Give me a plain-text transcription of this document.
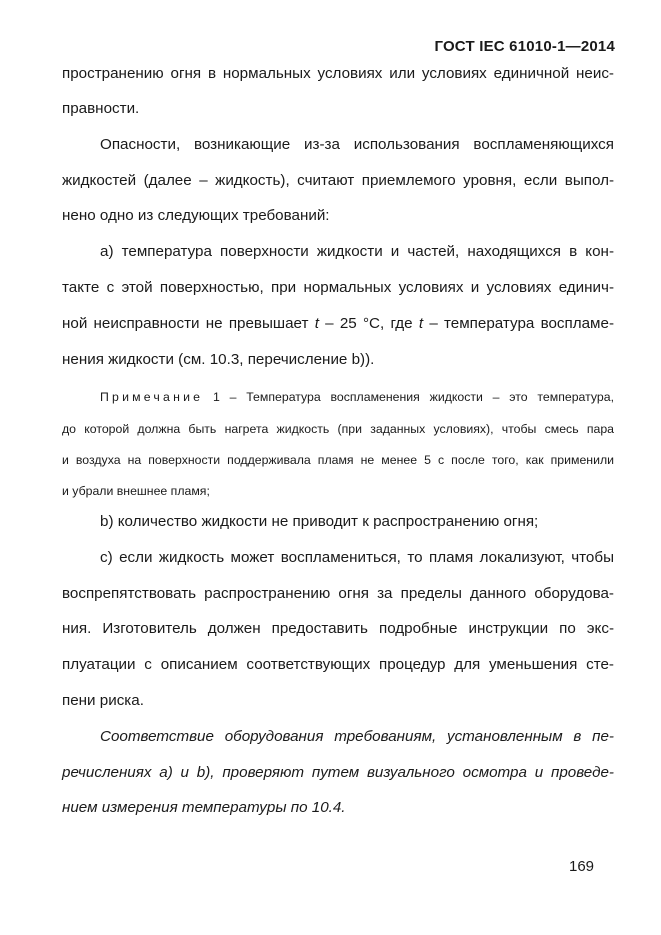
ГОСТ IEC 61010-1—2014
пространению огня в нормальных условиях или условиях единичной неис-
правности.
Опасности, возникающие из-за использования воспламеняющихся
жидкостей (далее – жидкость), считают приемлемого уровня, если выпол-
нено одно из следующих требований:
a) температура поверхности жидкости и частей, находящихся в кон-
такте с этой поверхностью, при нормальных условиях и условиях единич-
ной неисправности не превышает t – 25 °С, где t – температура воспламе-
нения жидкости (см. 10.3, перечисление b)).
Примечание 1 – Температура воспламенения жидкости – это температура,
до которой должна быть нагрета жидкость (при заданных условиях), чтобы смесь пара
и воздуха на поверхности поддерживала пламя не менее 5 с после того, как применили
и убрали внешнее пламя;
b) количество жидкости не приводит к распространению огня;
c) если жидкость может воспламениться, то пламя локализуют, чтобы
воспрепятствовать распространению огня за пределы данного оборудова-
ния. Изготовитель должен предоставить подробные инструкции по экс-
плуатации с описанием соответствующих процедур для уменьшения сте-
пени риска.
Соответствие оборудования требованиям, установленным в пе-
речислениях a) и b), проверяют путем визуального осмотра и проведе-
нием измерения температуры по 10.4.
169
